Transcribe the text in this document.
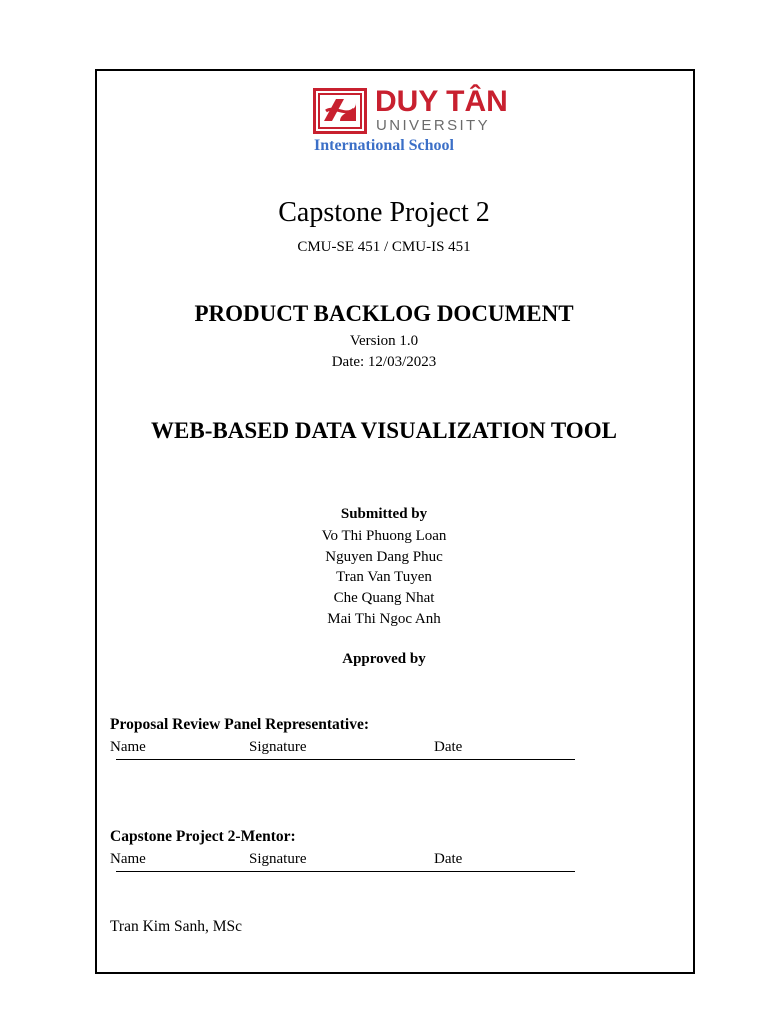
DUY TÂN
UNIVERSITY
International School
Capstone Project 2
CMU-SE 451 / CMU-IS 451
PRODUCT BACKLOG DOCUMENT
Version 1.0
Date: 12/03/2023
WEB-BASED DATA VISUALIZATION TOOL
Submitted by
Vo Thi Phuong Loan
Nguyen Dang Phuc
Tran Van Tuyen
Che Quang Nhat
Mai Thi Ngoc Anh
Approved by
Proposal Review Panel Representative:
Name	Signature	Date
Capstone Project 2-Mentor:
Name	Signature	Date
Tran Kim Sanh, MSc
